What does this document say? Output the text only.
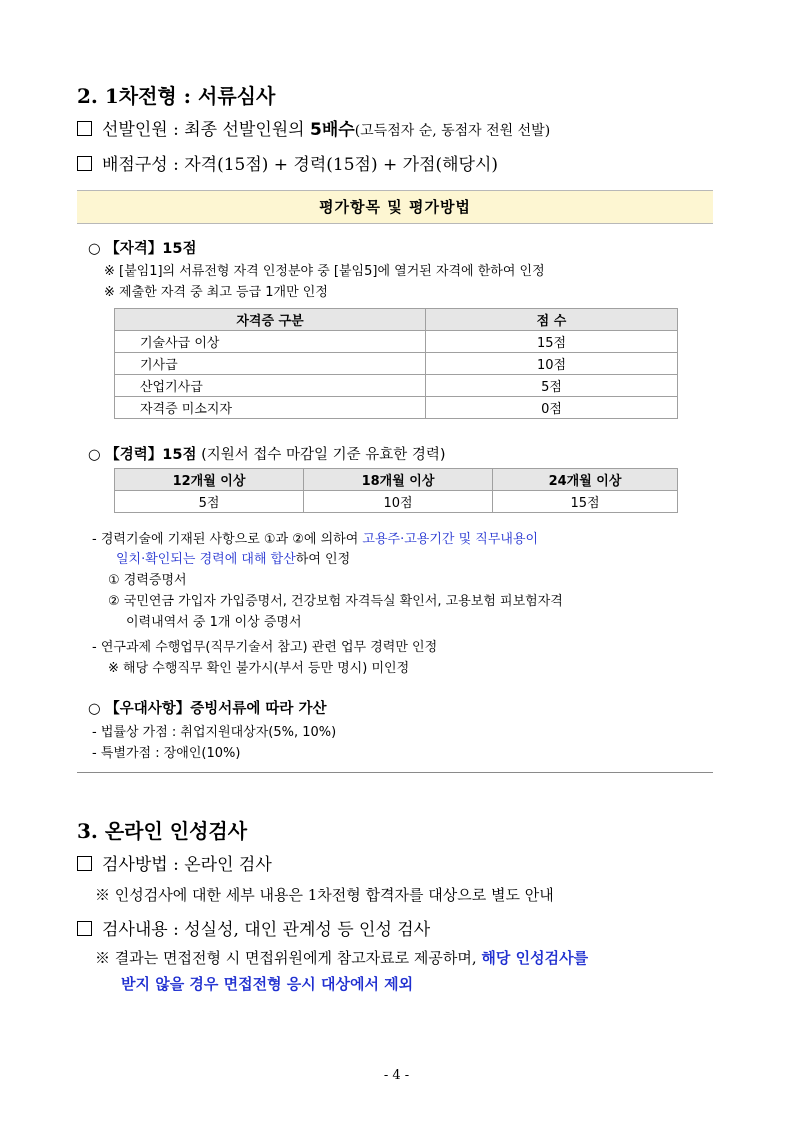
2. 1차전형 : 서류심사
선발인원 : 최종 선발인원의 5배수(고득점자 순, 동점자 전원 선발)
배점구성 : 자격(15점) + 경력(15점) + 가점(해당시)
평가항목 및 평가방법
○ 【자격】15점
※ [붙임1]의 서류전형 자격 인정분야 중 [붙임5]에 열거된 자격에 한하여 인정
※ 제출한 자격 중 최고 등급 1개만 인정
자격증 구분	점 수
기술사급 이상	15점
기사급	10점
산업기사급	5점
자격증 미소지자	0점
○ 【경력】15점 (지원서 접수 마감일 기준 유효한 경력)
12개월 이상	18개월 이상	24개월 이상
5점	10점	15점
- 경력기술에 기재된 사항으로 ①과 ②에 의하여 고용주·고용기간 및 직무내용이
일치·확인되는 경력에 대해 합산하여 인정
① 경력증명서
② 국민연금 가입자 가입증명서, 건강보험 자격득실 확인서, 고용보험 피보험자격
이력내역서 중 1개 이상 증명서
- 연구과제 수행업무(직무기술서 참고) 관련 업무 경력만 인정
※ 해당 수행직무 확인 불가시(부서 등만 명시) 미인정
○ 【우대사항】증빙서류에 따라 가산
- 법률상 가점 : 취업지원대상자(5%, 10%)
- 특별가점 : 장애인(10%)
3. 온라인 인성검사
검사방법 : 온라인 검사
※ 인성검사에 대한 세부 내용은 1차전형 합격자를 대상으로 별도 안내
검사내용 : 성실성, 대인 관계성 등 인성 검사
※ 결과는 면접전형 시 면접위원에게 참고자료로 제공하며, 해당 인성검사를
받지 않을 경우 면접전형 응시 대상에서 제외
- 4 -
